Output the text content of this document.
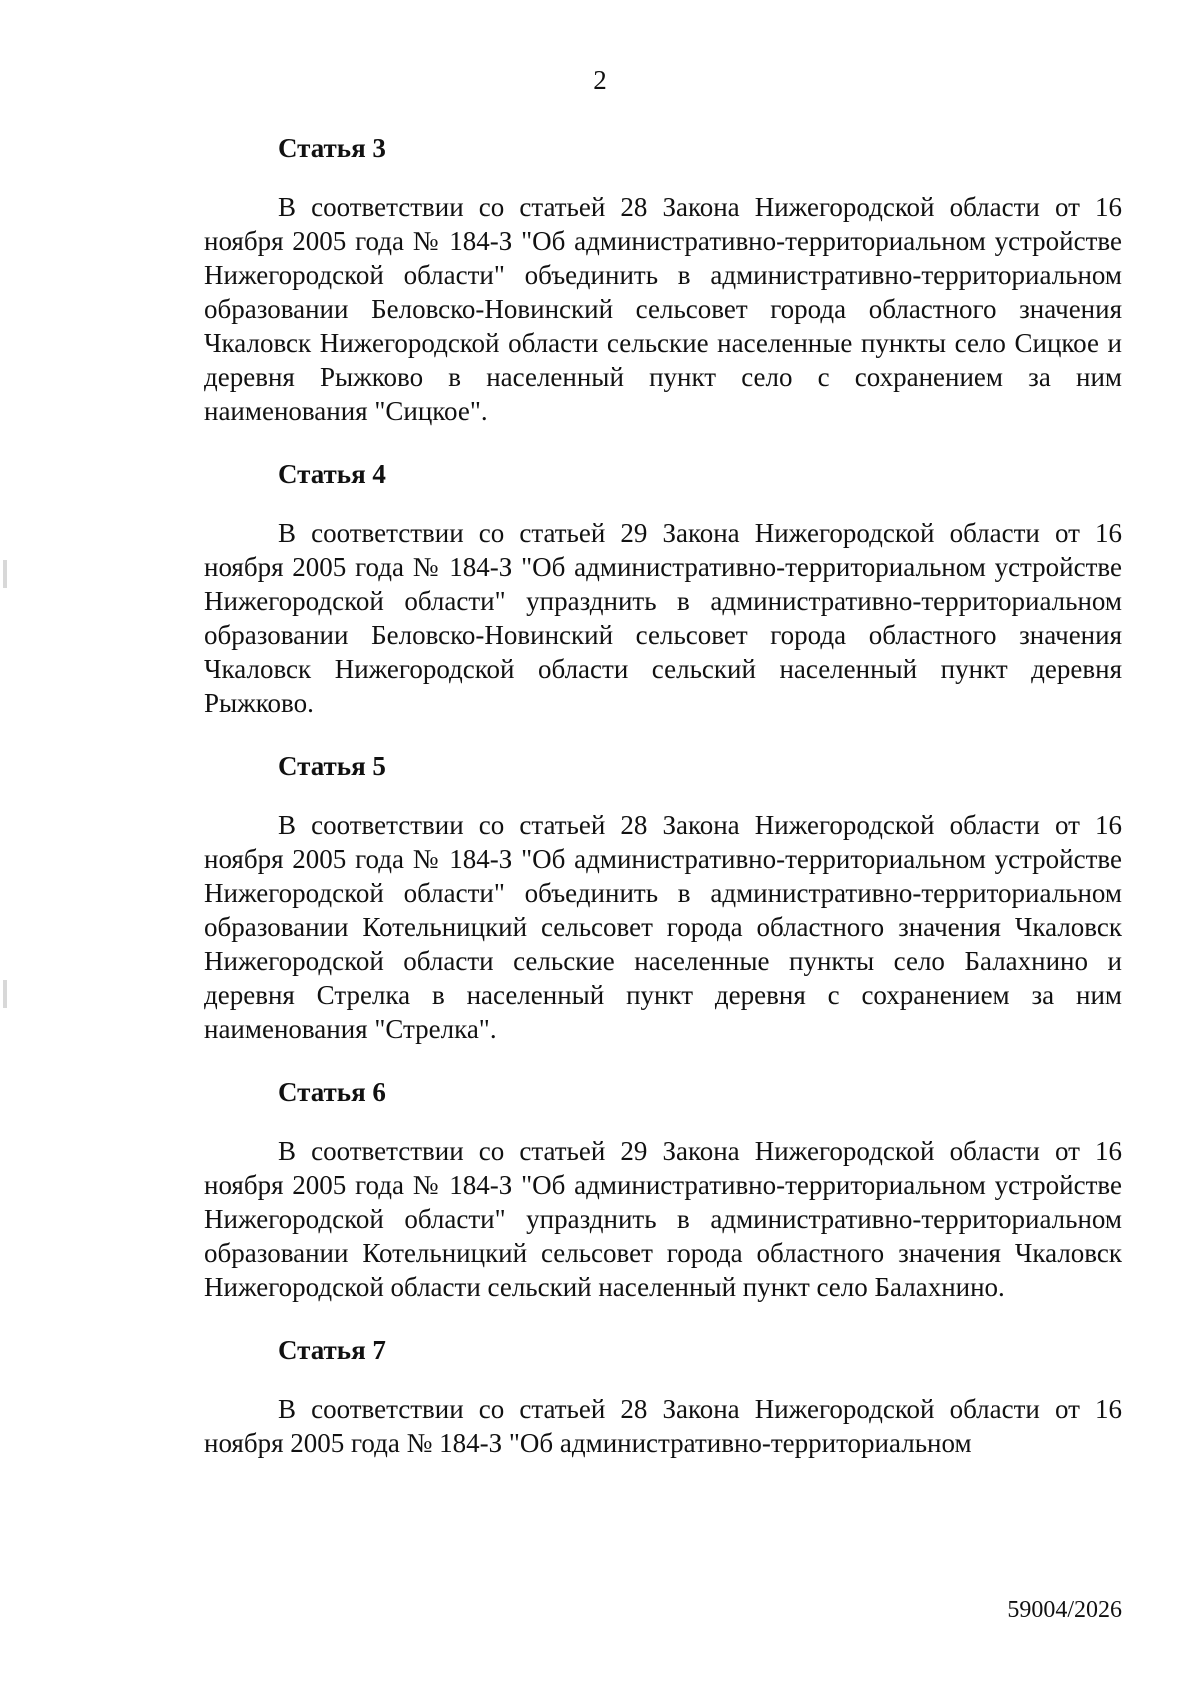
2
Статья 3

В соответствии со статьей 28 Закона Нижегородской области от 16 ноября 2005 года № 184-З "Об административно-территориальном устройстве Нижегородской области" объединить в административно-территориальном образовании Беловско-Новинский сельсовет города областного значения Чкаловск Нижегородской области сельские населенные пункты село Сицкое и деревня Рыжково в населенный пункт село с сохранением за ним наименования "Сицкое".

Статья 4

В соответствии со статьей 29 Закона Нижегородской области от 16 ноября 2005 года № 184-З "Об административно-территориальном устройстве Нижегородской области" упразднить в административно-территориальном образовании Беловско-Новинский сельсовет города областного значения Чкаловск Нижегородской области сельский населенный пункт деревня Рыжково.

Статья 5

В соответствии со статьей 28 Закона Нижегородской области от 16 ноября 2005 года № 184-З "Об административно-территориальном устройстве Нижегородской области" объединить в административно-территориальном образовании Котельницкий сельсовет города областного значения Чкаловск Нижегородской области сельские населенные пункты село Балахнино и деревня Стрелка в населенный пункт деревня с сохранением за ним наименования "Стрелка".

Статья 6

В соответствии со статьей 29 Закона Нижегородской области от 16 ноября 2005 года № 184-З "Об административно-территориальном устройстве Нижегородской области" упразднить в административно-территориальном образовании Котельницкий сельсовет города областного значения Чкаловск Нижегородской области сельский населенный пункт село Балахнино.

Статья 7

В соответствии со статьей 28 Закона Нижегородской области от 16 ноября 2005 года № 184-З "Об административно-территориальном

59004/2026
